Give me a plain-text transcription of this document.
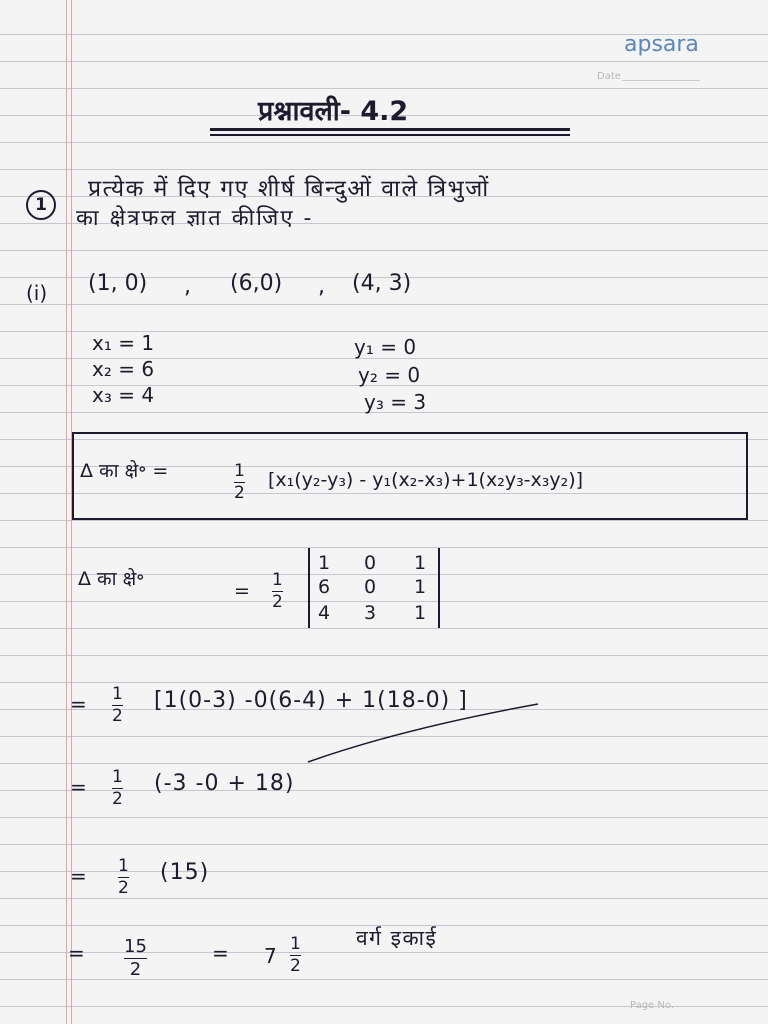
apsara
Date
प्रश्नावली- 4.2
1
प्रत्येक में दिए गए शीर्ष बिन्दुओं वाले त्रिभुजों
का क्षेत्रफल ज्ञात कीजिए -
(i) (1, 0) , (6,0) , (4, 3)
x₁ = 1
x₂ = 6
x₃ = 4
y₁ = 0
y₂ = 0
y₃ = 3
Δ का क्षे॰ =	1
2
[x₁(y₂-y₃) - y₁(x₂-x₃)+1(x₂y₃-x₃y₂)]
Δ का क्षे॰
= 1
2
1 0 1
6 0 1
4 3 1
= 1
2
[1(0-3) -0(6-4) + 1(18-0) ]
= 1
2
(-3 -0 + 18)
= 1
2
(15)
= 15
2
= 7 1
2
वर्ग इकाई
Page No.
